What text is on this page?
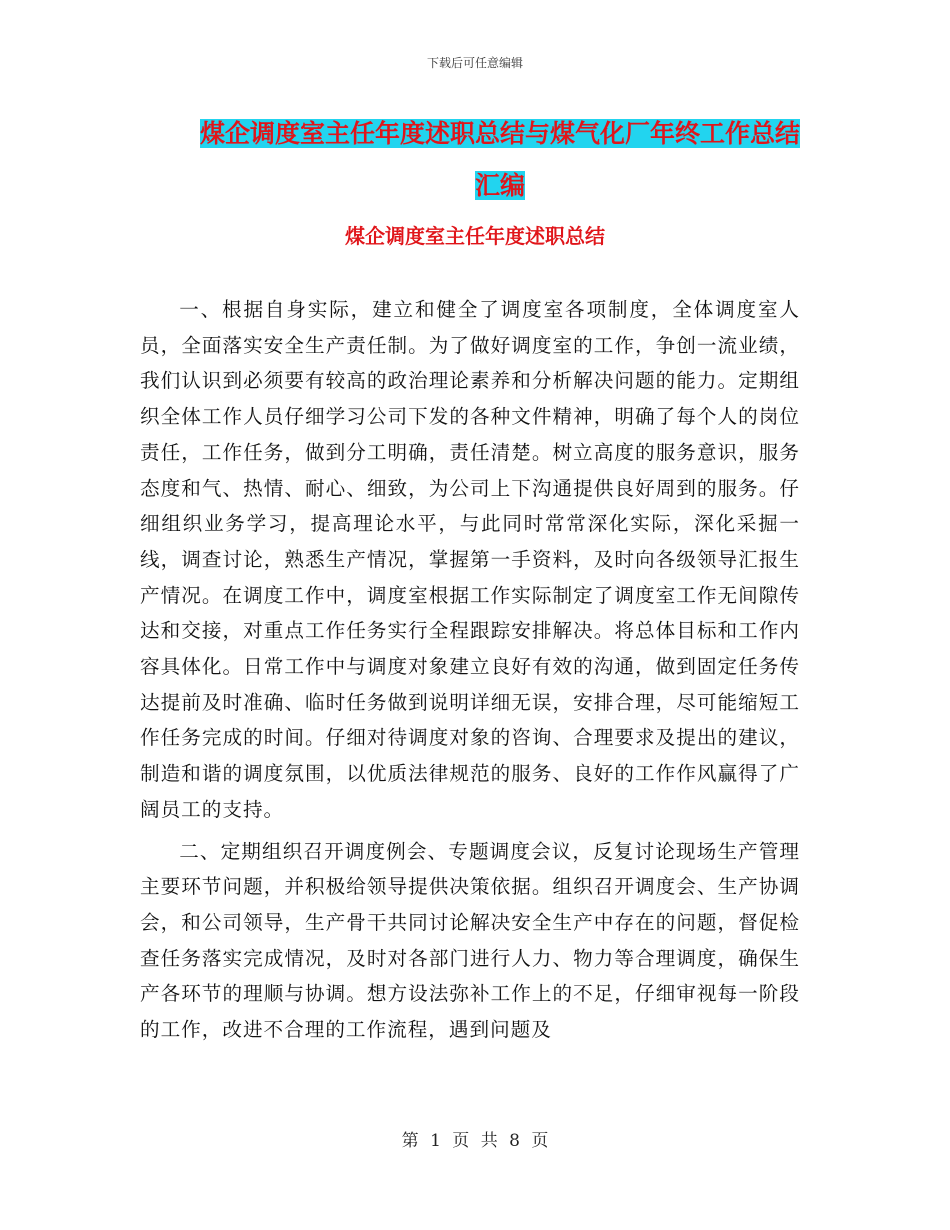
下载后可任意编辑
煤企调度室主任年度述职总结与煤气化厂年终工作总结汇编
煤企调度室主任年度述职总结

一、根据自身实际，建立和健全了调度室各项制度，全体调度室人员，全面落实安全生产责任制。为了做好调度室的工作，争创一流业绩，我们认识到必须要有较高的政治理论素养和分析解决问题的能力。定期组织全体工作人员仔细学习公司下发的各种文件精神，明确了每个人的岗位责任，工作任务，做到分工明确，责任清楚。树立高度的服务意识，服务态度和气、热情、耐心、细致，为公司上下沟通提供良好周到的服务。仔细组织业务学习，提高理论水平，与此同时常常深化实际，深化采掘一线，调查讨论，熟悉生产情况，掌握第一手资料，及时向各级领导汇报生产情况。在调度工作中，调度室根据工作实际制定了调度室工作无间隙传达和交接，对重点工作任务实行全程跟踪安排解决。将总体目标和工作内容具体化。日常工作中与调度对象建立良好有效的沟通，做到固定任务传达提前及时准确、临时任务做到说明详细无误，安排合理，尽可能缩短工作任务完成的时间。仔细对待调度对象的咨询、合理要求及提出的建议，制造和谐的调度氛围，以优质法律规范的服务、良好的工作作风赢得了广阔员工的支持。

二、定期组织召开调度例会、专题调度会议，反复讨论现场生产管理主要环节问题，并积极给领导提供决策依据。组织召开调度会、生产协调会，和公司领导，生产骨干共同讨论解决安全生产中存在的问题，督促检查任务落实完成情况，及时对各部门进行人力、物力等合理调度，确保生产各环节的理顺与协调。想方设法弥补工作上的不足，仔细审视每一阶段的工作，改进不合理的工作流程，遇到问题及

第 1 页 共 8 页
